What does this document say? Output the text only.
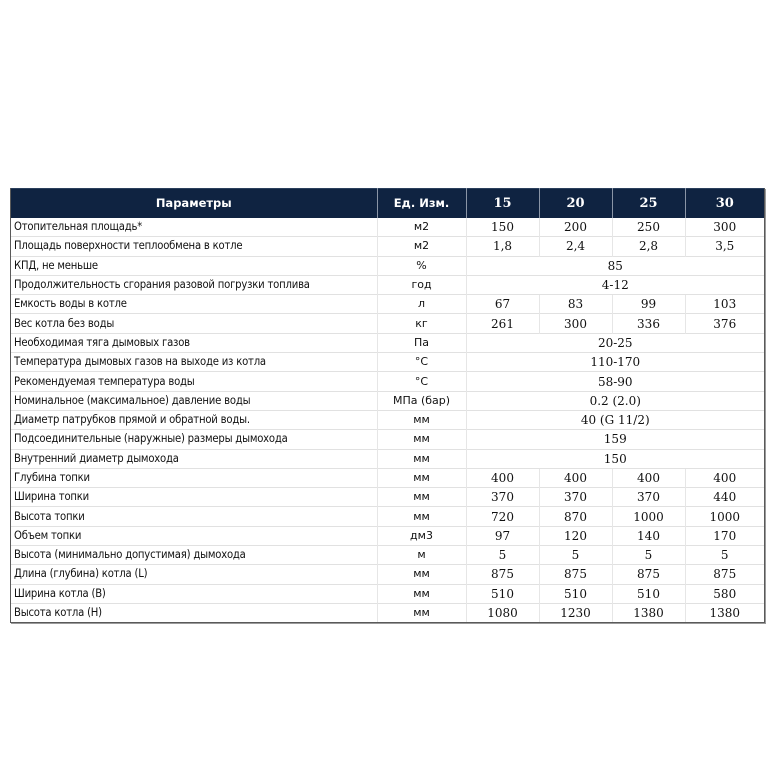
Параметры	Ед. Изм.	15	20	25	30
Отопительная площадь*	м2	150	200	250	300
Площадь поверхности теплообмена в котле	м2	1,8	2,4	2,8	3,5
КПД, не меньше	%	85			
Продолжительность сгорания разовой погрузки топлива	год	4-12			
Емкость воды в котле	л	67	83	99	103
Вес котла без воды	кг	261	300	336	376
Необходимая тяга дымовых газов	Па	20-25			
Температура дымовых газов на выходе из котла	°С	110-170			
Рекомендуемая температура воды	°С	58-90			
Номинальное (максимальное) давление воды	МПа (бар)	0.2 (2.0)			
Диаметр патрубков прямой и обратной воды.	мм	40 (G 11/2)			
Подсоединительные (наружные) размеры дымохода	мм	159			
Внутренний диаметр дымохода	мм	150			
Глубина топки	мм	400	400	400	400
Ширина топки	мм	370	370	370	440
Высота топки	мм	720	870	1000	1000
Объем топки	дм3	97	120	140	170
Высота (минимально допустимая) дымохода	м	5	5	5	5
Длина (глубина) котла (L)	мм	875	875	875	875
Ширина котла (B)	мм	510	510	510	580
Высота котла (H)	мм	1080	1230	1380	1380
